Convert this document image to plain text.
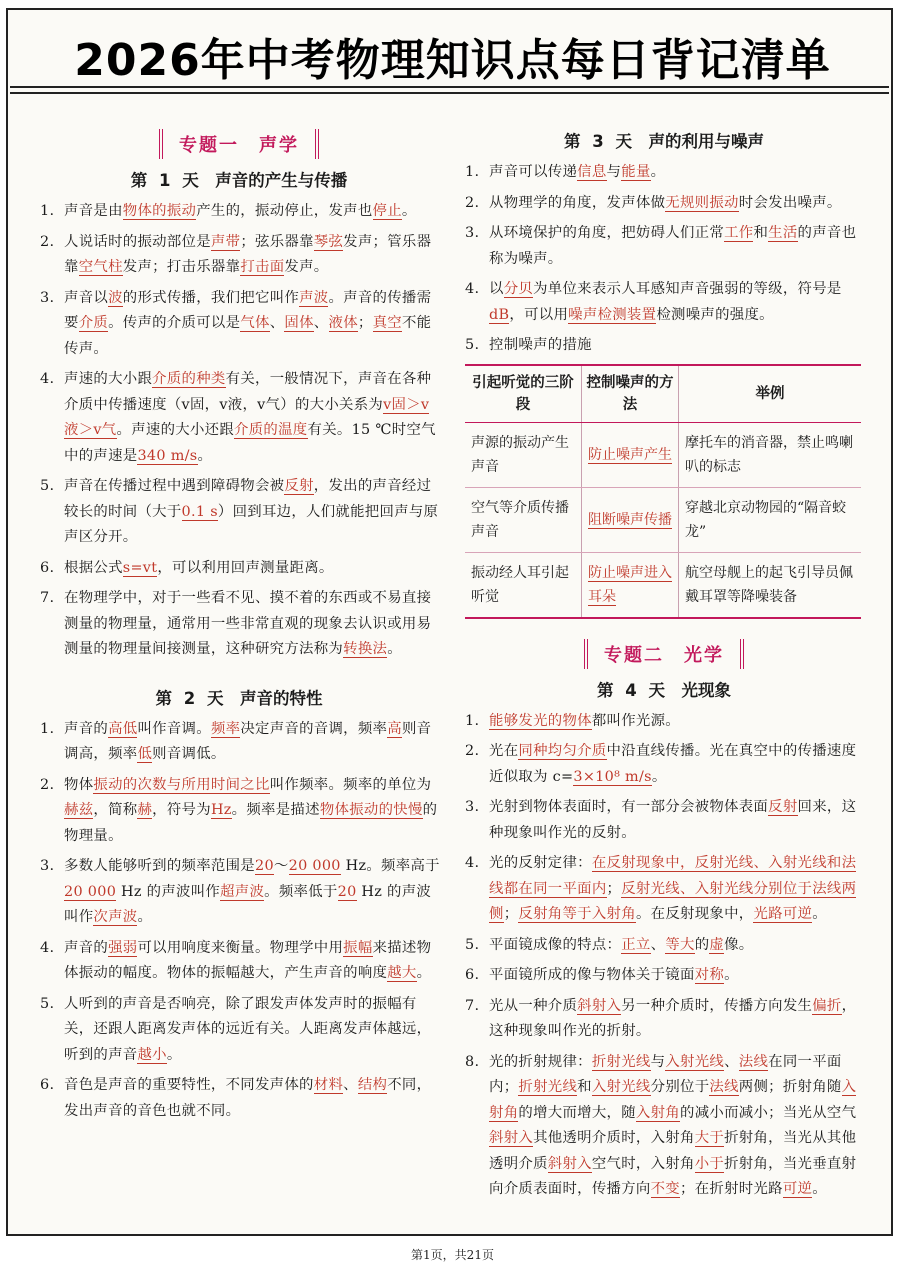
2026年中考物理知识点每日背记清单
专题一　声学
第 1 天　声音的产生与传播
1. 声音是由物体的振动产生的，振动停止，发声也停止。
2. 人说话时的振动部位是声带；弦乐器靠琴弦发声；管乐器靠空气柱发声；打击乐器靠打击面发声。
3. 声音以波的形式传播，我们把它叫作声波。声音的传播需要介质。传声的介质可以是气体、固体、液体；真空不能传声。
4. 声速的大小跟介质的种类有关，一般情况下，声音在各种介质中传播速度（v固，v液，v气）的大小关系为v固＞v液＞v气。声速的大小还跟介质的温度有关。15 ℃时空气中的声速是340 m/s。
5. 声音在传播过程中遇到障碍物会被反射，发出的声音经过较长的时间（大于0.1 s）回到耳边，人们就能把回声与原声区分开。
6. 根据公式s=vt，可以利用回声测量距离。
7. 在物理学中，对于一些看不见、摸不着的东西或不易直接测量的物理量，通常用一些非常直观的现象去认识或用易测量的物理量间接测量，这种研究方法称为转换法。
第 2 天　声音的特性
1. 声音的高低叫作音调。频率决定声音的音调，频率高则音调高，频率低则音调低。
2. 物体振动的次数与所用时间之比叫作频率。频率的单位为赫兹，简称赫，符号为Hz。频率是描述物体振动的快慢的物理量。
3. 多数人能够听到的频率范围是20～20 000 Hz。频率高于20 000 Hz 的声波叫作超声波。频率低于20 Hz 的声波叫作次声波。
4. 声音的强弱可以用响度来衡量。物理学中用振幅来描述物体振动的幅度。物体的振幅越大，产生声音的响度越大。
5. 人听到的声音是否响亮，除了跟发声体发声时的振幅有关，还跟人距离发声体的远近有关。人距离发声体越远，听到的声音越小。
6. 音色是声音的重要特性，不同发声体的材料、结构不同，发出声音的音色也就不同。
第 3 天　声的利用与噪声
1. 声音可以传递信息与能量。
2. 从物理学的角度，发声体做无规则振动时会发出噪声。
3. 从环境保护的角度，把妨碍人们正常工作和生活的声音也称为噪声。
4. 以分贝为单位来表示人耳感知声音强弱的等级，符号是dB，可以用噪声检测装置检测噪声的强度。
5. 控制噪声的措施
引起听觉的三阶段	控制噪声的方法	举例
声源的振动产生声音	防止噪声产生	摩托车的消音器，禁止鸣喇叭的标志
空气等介质传播声音	阻断噪声传播	穿越北京动物园的“隔音蛟龙”
振动经人耳引起听觉	防止噪声进入耳朵	航空母舰上的起飞引导员佩戴耳罩等降噪装备
专题二　光学
第 4 天　光现象
1. 能够发光的物体都叫作光源。
2. 光在同种均匀介质中沿直线传播。光在真空中的传播速度近似取为 c=3×10⁸ m/s。
3. 光射到物体表面时，有一部分会被物体表面反射回来，这种现象叫作光的反射。
4. 光的反射定律：在反射现象中，反射光线、入射光线和法线都在同一平面内；反射光线、入射光线分别位于法线两侧；反射角等于入射角。在反射现象中，光路可逆。
5. 平面镜成像的特点：正立、等大的虚像。
6. 平面镜所成的像与物体关于镜面对称。
7. 光从一种介质斜射入另一种介质时，传播方向发生偏折，这种现象叫作光的折射。
8. 光的折射规律：折射光线与入射光线、法线在同一平面内；折射光线和入射光线分别位于法线两侧；折射角随入射角的增大而增大，随入射角的减小而减小；当光从空气斜射入其他透明介质时，入射角大于折射角，当光从其他透明介质斜射入空气时，入射角小于折射角，当光垂直射向介质表面时，传播方向不变；在折射时光路可逆。
第1页，共21页
